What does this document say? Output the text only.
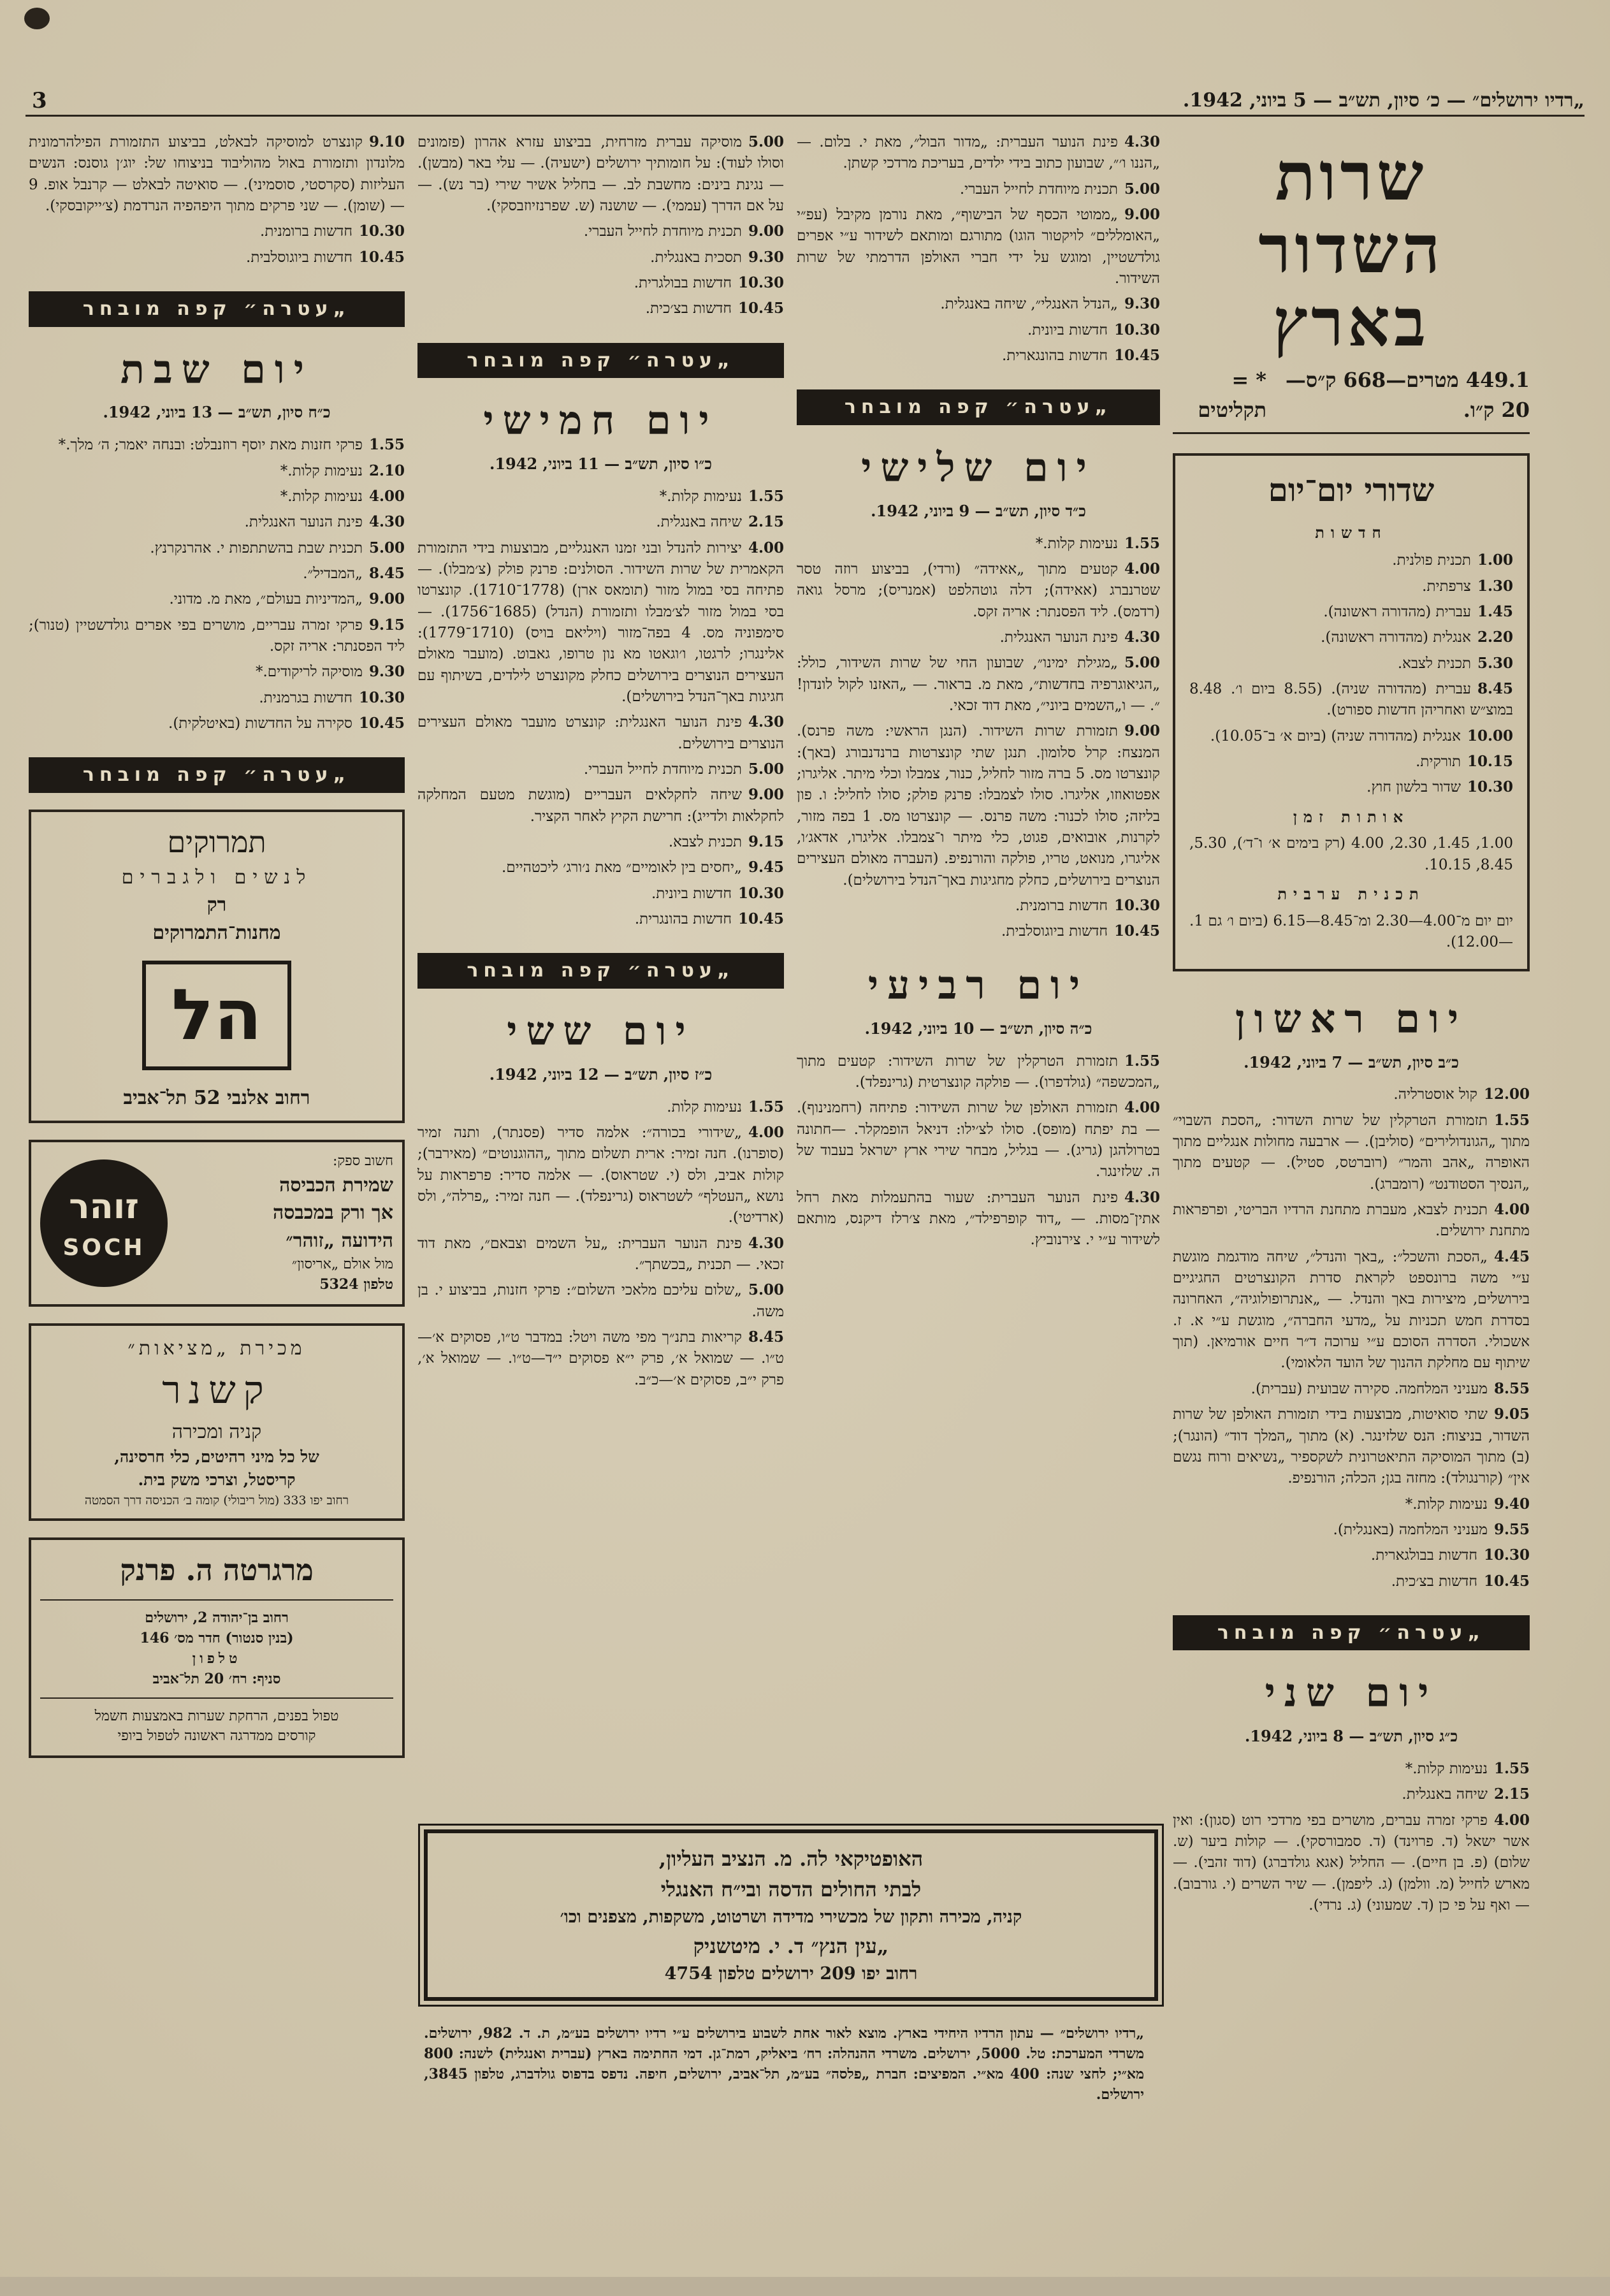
„רדיו ירושלים״ — כ׳ סיון, תש״ב — 5 ביוני, 1942.
3
שרות השדור בארץ
449.1 מטרים—668 ק״ס—20 ק״ו.
* = תקליטים
שדורי יום־יום
חדשות
1.00תכנית פולנית.
1.30צרפתית.
1.45עברית (מהדורה ראשונה).
2.20אנגלית (מהדורה ראשונה).
5.30תכנית לצבא.
8.45עברית (מהדורה שניה). (8.55 ביום ו׳. 8.48 במוצ״ש ואחריהן חדשות ספורט).
10.00אנגלית (מהדורה שניה) (ביום א׳ ב־10.05).
10.15תורקית.
10.30שדור בלשון חוץ.
אותות זמן
1.00, 1.45, 2.30, 4.00 (רק בימים א׳ ו־ד׳), 5.30, 8.45, 10.15.
תכנית ערבית
יום יום מ־4.00—2.30 ומ־8.45—6.15 (ביום ו׳ גם 1.—12.00).
יום ראשון
כ״ב סיון, תש״ב — 7 ביוני, 1942.
12.00קול אוסטרליה.
1.55תזמורת הטרקלין של שרות השדור: „הסכת השבוי״ מתוך „הגונדולירים״ (סוליבן). — ארבעה מחולות אנגליים מתוך האופרה „אהב והמר״ (רוברטס, סטיל). — קטעים מתוך „הנסיך הסטודנט״ (רומברג).
4.00תכנית לצבא, מעברת מתחנת הרדיו הבריטי, ופרפראות מתחנת ירושלים.
4.45„הסכת והשכל״: „באך והנדל״, שיחה מודגמת מוגשת ע״י משה ברונספט לקראת סדרת הקונצרטים החגיגיים בירושלים, מיצירות באך והנדל. — „אנתרופולוגיה״, האחרונה בסדרת חמש תכניות על „מדעי החברה״, מוגשת ע״י א. ז. אשכולי. הסדרה הסוכם ע״י ערוכה ד״ר חיים אורמיאן. (תוך שיתוף עם מחלקת ההנוך של הועד הלאומי).
8.55מעניני המלחמה. סקירה שבועית (עברית).
9.05שתי סואיטות, מבוצעות בידי תזמורת האולפן של שרות השדור, בניצוח: הנס שלזינגר. (א) מתוך „המלך דוד״ (הונגר); (ב) מתוך המוסיקה התיאטרונית לשקספיר „נשיאים ורוח נגשם אין״ (קורנגולד): מחזה בגן; הכלה; הורנפיפ.
9.40נעימות קלות.*
9.55מעניני המלחמה (באנגלית).
10.30חדשות בבולגארית.
10.45חדשות בצ׳כית.
„עטרה״ קפה מובחר
יום שני
כ״ג סיון, תש״ב — 8 ביוני, 1942.
1.55נעימות קלות.*
2.15שיחה באנגלית.
4.00פרקי זמרה עברים, מושרים בפי מרדכי רוט (סגון): ואין אשר ישאל (ד. פרוינד) (ד. סמבורסקי). — קולות ביער (ש. שלום) (פ. בן חיים). — החליל (אגא גולדברג) (דוד זהבי). — מארש לחייל (מ. וולמן) (ג. ליפמן). — שיר השרים (י. גורבוב). — ואף על פי כן (ד. שמעוני) (ג. נרדי).
4.30פינת הנוער העברית: „מדור הבול״, מאת י. בלום. — „הננו ו׳״, שבועון כתוב בידי ילדים, בעריכת מרדכי קשתן.
5.00תכנית מיוחדת לחייל העברי.
9.00„ממוטי הכסף של הבישוף״, מאת נורמן מקיבל (עפ״י „האומללים״ לויקטור הוגו) מתורגם ומותאם לשידור ע״י אפרים גולדשטיין, ומוגש על ידי חברי האולפן הדרמתי של שרות השידור.
9.30„הנדל האנגלי״, שיחה באנגלית.
10.30חדשות ביונית.
10.45חדשות בהונגארית.
„עטרה״ קפה מובחר
יום שלישי
כ״ד סיון, תש״ב — 9 ביוני, 1942.
1.55נעימות קלות.*
4.00קטעים מתוך „אאידה״ (ורדי), בביצוע רוזה טסר שטרנברג (אאידה); דלה גוטהלפט (אמנריס); מרסל גואה (רדמס). ליד הפסנתר: אריה זקס.
4.30פינת הנוער האנגלית.
5.00„מגילת ימינו״, שבועון החי של שרות השידור, כולל: „הגיאוגרפיה בחדשות״, מאת מ. בראור. — „האזנו לקול לונדון!״. — ו„השמים ביוני״, מאת דוד זכאי.
9.00תזמורת שרות השידור. (הנגן הראשי: משה פרנס). המנצח: קרל סלומון. תנגן שתי קונצרטות ברנדנבורג (באך): קונצרטו מס. 5 ברה מזור לחליל, כנור, צמבלו וכלי מיתר. אליגרו; אפטואוזו, אליגרו. סולו לצמבלו: פרנק פולק; סולו לחליל: ו. פון בליזה; סולו לכנור: משה פרנס. — קונצרטו מס. 1 בפה מזור, לקרנות, אובואים, פגוט, כלי מיתר ו־צמבלו. אליגרו, אדאג׳ו, אליגרו, מנואט, טריו, פולקה והורנפיפ. (העברה מאולם העצירים הנוצרים בירושלים, כחלק מחגיגות באך־הנדל בירושלים).
10.30חדשות ברומנית.
10.45חדשות ביוגוסלבית.
יום רביעי
כ״ה סיון, תש״ב — 10 ביוני, 1942.
1.55תזמורת הטרקלין של שרות השידור: קטעים מתוך „המכשפה״ (גולדפרו). — פולקה קונצרטית (גרינפלד).
4.00תזמורת האולפן של שרות השידור: פתיחה (רחמנינוף). — בת יפתח (מופס). סולו לצ׳ילו: דניאל הופמקלר. —חתונה בטרולהגן (גריג). — בגליל, מבחר שירי ארץ ישראל בעבוד של ה. שלזינגר.
4.30פינת הנוער העברית: שעור בהתעמלות מאת רחל אתין־מסות. — „דוד קופרפילד״, מאת צ׳רלז דיקנס, מותאם לשידור ע״י י. צירנוביץ.
5.00מוסיקה עברית מזרחית, בביצוע עזרא אהרון (פזמונים וסולו לעוד): על חומותיך ירושלים (ישעיה). — עלי באר (מבשן). — נגינת בינים: מחשבת לב. — בחליל אשיר שירי (בר נש). — על אם הדרך (עממי). — שושנה (ש. שפרנזיוזבסקי).
9.00תכנית מיוחדת לחייל העברי.
9.30תסכית באנגלית.
10.30חדשות בבולגרית.
10.45חדשות בצ׳כית.
„עטרה״ קפה מובחר
יום חמישי
כ״ו סיון, תש״ב — 11 ביוני, 1942.
1.55נעימות קלות.*
2.15שיחה באנגלית.
4.00יצירות להנדל ובני זמנו האנגליים, מבוצעות בידי התזמורת הקאמרית של שרות השידור. הסולנים: פרנק פולק (צ׳מבלו). — פתיחה בסי במול מזור (תומאס ארן) (1778־1710). קונצרטו בסי במול מזור לצ׳מבלו ותזמורת (הנדל) (1685־1756). — סימפוניה מס. 4 בפה־מזור (ויליאם בויס) (1710־1779): אלינגרו; לרגטו, ו׳וגאטו מא נון טרופו, גאבוט. (מועבר מאולם העצירים הנוצרים בירושלים כחלק מקונצרט לילדים, בשיתוף עם חגיגות באך־הנדל בירושלים).
4.30פינת הנוער האנגלית: קונצרט מועבר מאולם העצירים הנוצרים בירושלים.
5.00תכנית מיוחדת לחייל העברי.
9.00שיחה לחקלאים העבריים (מוגשת מטעם המחלקה לחקלאות ולדייג): חרישת הקיץ לאחר הקציר.
9.15תכנית לצבא.
9.45„יחסים בין לאומיים״ מאת נ׳ורג׳ ליכטהיים.
10.30חדשות ביונית.
10.45חדשות בהונגרית.
„עטרה״ קפה מובחר
יום ששי
כ״ז סיון, תש״ב — 12 ביוני, 1942.
1.55נעימות קלות.
4.00„שידורי בכורה״: אלמה סדיר (פסנתר), ותנה זמיר (סופרנו). חנה זמיר: ארית תשלום מתוך „ההוגנוטים״ (מאירבר); קולות אביב, ולס (י. שטראוס). — אלמה סדיר: פרפראות על נושא „העטלף״ לשטראוס (גרינפלד). — חנה זמיר: „פרלה״, ולס (ארדיטי).
4.30פינת הנוער העברית: „על השמים וצבאם״, מאת דוד זכאי. — תכנית „בכשתך״.
5.00„שלום עליכם מלאכי השלום״: פרקי חזנות, בביצוע י. בן משה.
8.45קריאות בתנ״ך מפי משה ויטל: במדבר ט״ו, פסוקים א׳—ט״ו. — שמואל א׳, פרק י״א פסוקים י״ד—ט״ו. — שמואל א׳, פרק י״ב, פסוקים א׳—כ״ב.
האופטיקאי לה. מ. הנציב העליון,
לבתי החולים הדסה ובי״ח האנגלי
קניה, מכירה ותקון של מכשירי מדידה ושרטוט, משקפות, מצפנים וכו׳
„עין הנץ״ ד. י. מיטשניק
רחוב יפו 209 ירושלים טלפון 4754
„רדיו ירושלים״ — עתון הרדיו היחידי בארץ. מוצא לאור אחת לשבוע בירושלים ע״י רדיו ירושלים בע״מ, ת. ד. 982, ירושלים. משרדי המערכת: טל. 5000, ירושלים. משרדי ההנהלה: רח׳ ביאליק, רמת־גן. דמי החתימה בארץ (עברית ואנגלית) לשנה: 800 מא״י; לחצי שנה: 400 מא״י. המפיצים: חברת „פלסה״ בע״מ, תל־אביב, ירושלים, חיפה. נדפס בדפוס גולדברג, טלפון 3845, ירושלים.
9.10קונצרט למוסיקה לבאלט, בביצוע התזמורת הפילהרמונית מלונדון ותזמורת באול מהוליבוד בניצוחו של: יוג׳ן גוסנס: הנשים העליזות (סקרסטי, סוסמיני). — סואיטה לבאלט — קרנבל אופ. 9 — (שומן). — שני פרקים מתוך היפהפיה הנרדמת (צ׳ייקובסקי).
10.30חדשות ברומנית.
10.45חדשות ביוגוסלבית.
„עטרה״ קפה מובחר
יום שבת
כ״ח סיון, תש״ב — 13 ביוני, 1942.
1.55פרקי חזנות מאת יוסף רוזנבלט: ובנחה יאמר; ה׳ מלך.*
2.10נעימות קלות.*
4.00נעימות קלות.*
4.30פינת הנוער האנגלית.
5.00תכנית שבת בהשתתפות י. אהרנקרנץ.
8.45„המבדיל״.
9.00„המדיניות בעולם״, מאת מ. מדוני.
9.15פרקי זמרה עבריים, מושרים בפי אפרים גולדשטיין (טנור); ליד הפסנתר: אריה זקס.
9.30מוסיקה לריקודים.*
10.30חדשות בגרמנית.
10.45סקירה על החדשות (באיטלקית).
„עטרה״ קפה מובחר
תמרוקים
לנשים ולגברים
רק
מחנות־התמרוקים
הל
רחוב אלנבי 52 תל־אביב
חשוב ספק:
שמירת הכביסה
אך ורק במכבסה
הידועה „זוהר״
מול אולם „אריסון״
טלפון 5324
זוהר
SOCH
מכירת „מציאות״
קשנר
קניה ומכירה
של כל מיני רהיטים, כלי חרסינה,
קריסטל, וצרכי משק בית.
רחוב יפו 333 (מול ריבולי) קומה ב׳ הכניסה דרך הסמטה
מרגרטה ה. פרנק
רחוב בן־יהודה 2, ירושלים
(בנין סנטור) חדר מס׳ 146
טלפון
סניף: רח׳ 20 תל־אביב
טפול בפנים, הרחקת שערות באמצעות חשמל
קורסים ממדרגה ראשונה לטפול ביופי
